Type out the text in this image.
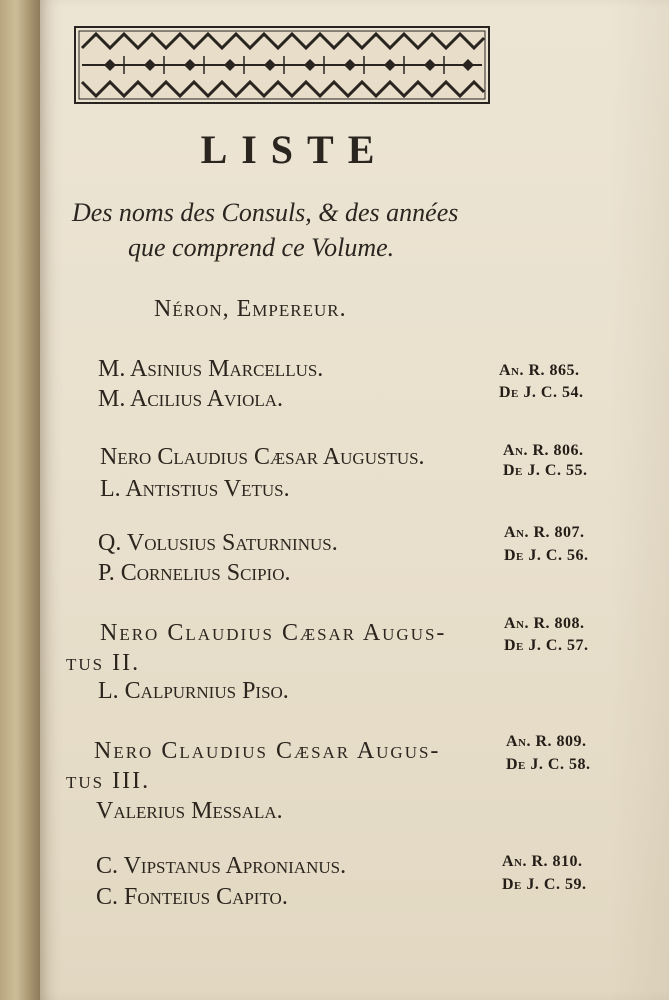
LISTE
Des noms des Consuls, & des années
que comprend ce Volume.
Néron, Empereur.
M. Asinius Marcellus.
M. Acilius Aviola.
An. R. 865.
De J. C. 54.
Nero Claudius Cæsar Augustus.
L. Antistius Vetus.
An. R. 806.
De J. C. 55.
Q. Volusius Saturninus.
P. Cornelius Scipio.
An. R. 807.
De J. C. 56.
Nero Claudius Cæsar Augus-
tus II.
L. Calpurnius Piso.
An. R. 808.
De J. C. 57.
Nero Claudius Cæsar Augus-
tus III.
Valerius Messala.
An. R. 809.
De J. C. 58.
C. Vipstanus Apronianus.
C. Fonteius Capito.
An. R. 810.
De J. C. 59.
